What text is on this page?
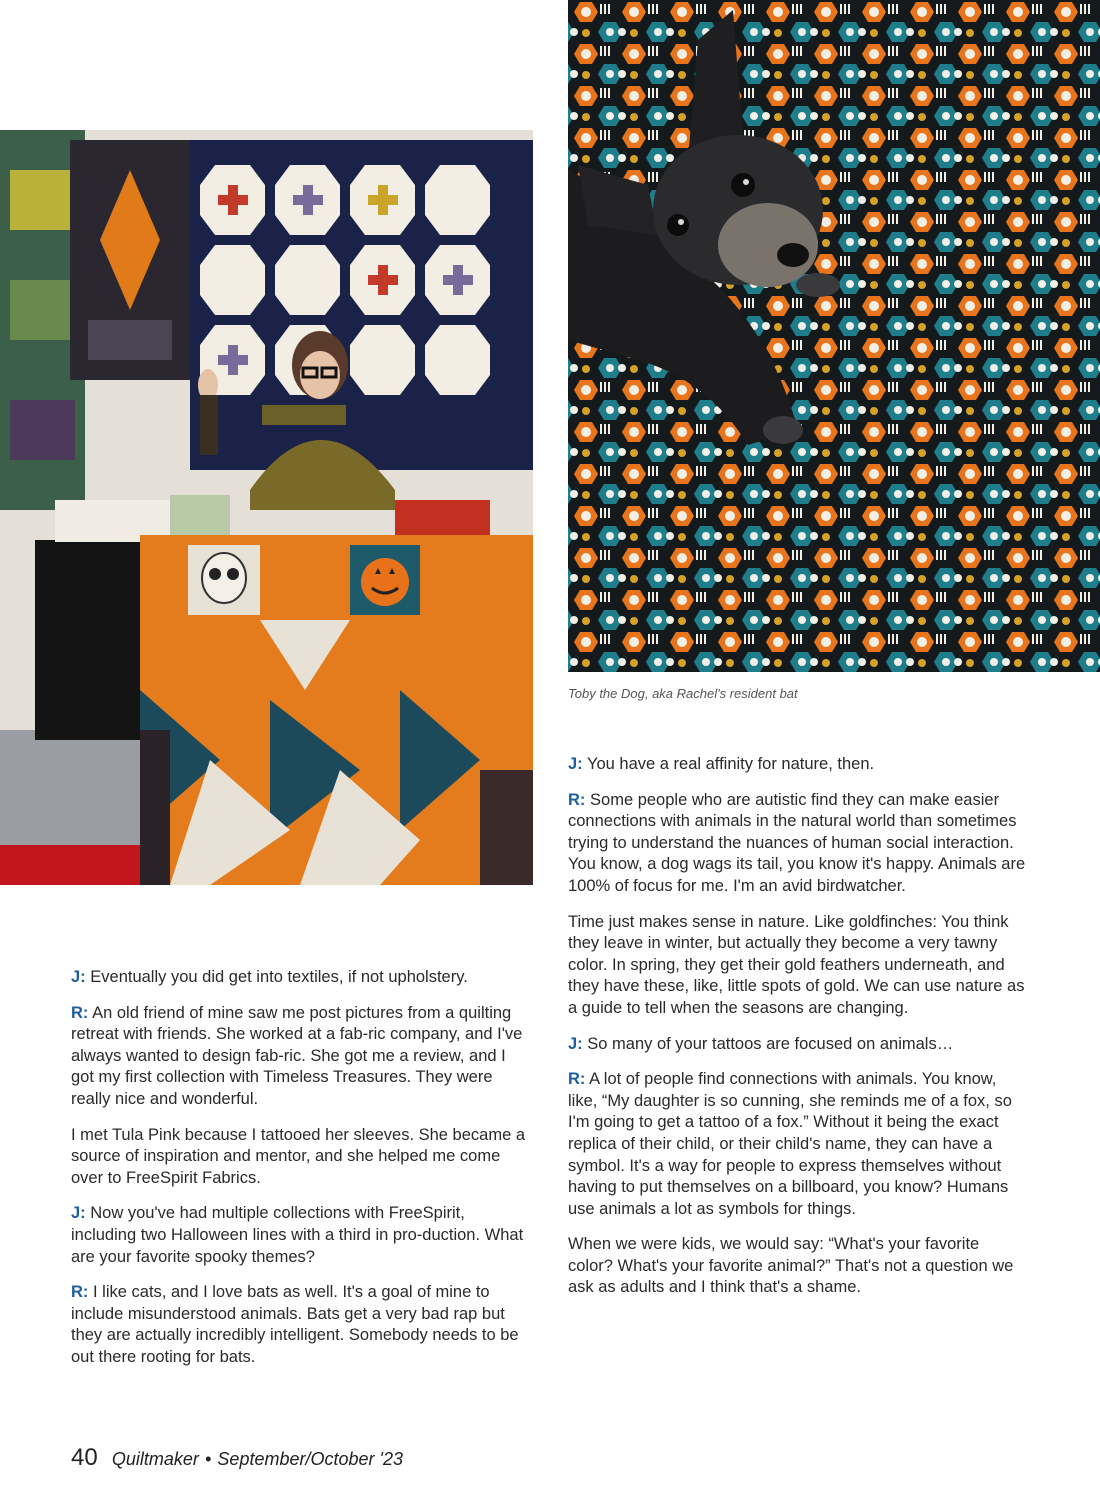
Toby the Dog, aka Rachel's resident bat

J: Eventually you did get into textiles, if not upholstery.

R: An old friend of mine saw me post pictures from a quilting retreat with friends. She worked at a fab-ric company, and I've always wanted to design fab-ric. She got me a review, and I got my first collection with Timeless Treasures. They were really nice and wonderful.

I met Tula Pink because I tattooed her sleeves. She became a source of inspiration and mentor, and she helped me come over to FreeSpirit Fabrics.

J: Now you've had multiple collections with FreeSpirit, including two Halloween lines with a third in pro-duction. What are your favorite spooky themes?

R: I like cats, and I love bats as well. It's a goal of mine to include misunderstood animals. Bats get a very bad rap but they are actually incredibly intelligent. Somebody needs to be out there rooting for bats.

J: You have a real affinity for nature, then.

R: Some people who are autistic find they can make easier connections with animals in the natural world than sometimes trying to understand the nuances of human social interaction. You know, a dog wags its tail, you know it's happy. Animals are 100% of focus for me. I'm an avid birdwatcher.

Time just makes sense in nature. Like goldfinches: You think they leave in winter, but actually they become a very tawny color. In spring, they get their gold feathers underneath, and they have these, like, little spots of gold. We can use nature as a guide to tell when the seasons are changing.

J: So many of your tattoos are focused on animals…

R: A lot of people find connections with animals. You know, like, “My daughter is so cunning, she reminds me of a fox, so I'm going to get a tattoo of a fox.” Without it being the exact replica of their child, or their child's name, they can have a symbol. It's a way for people to express themselves without having to put themselves on a billboard, you know? Humans use animals a lot as symbols for things.

When we were kids, we would say: “What's your favorite color? What's your favorite animal?” That's not a question we ask as adults and I think that's a shame.

40 Quiltmaker • September/October '23
